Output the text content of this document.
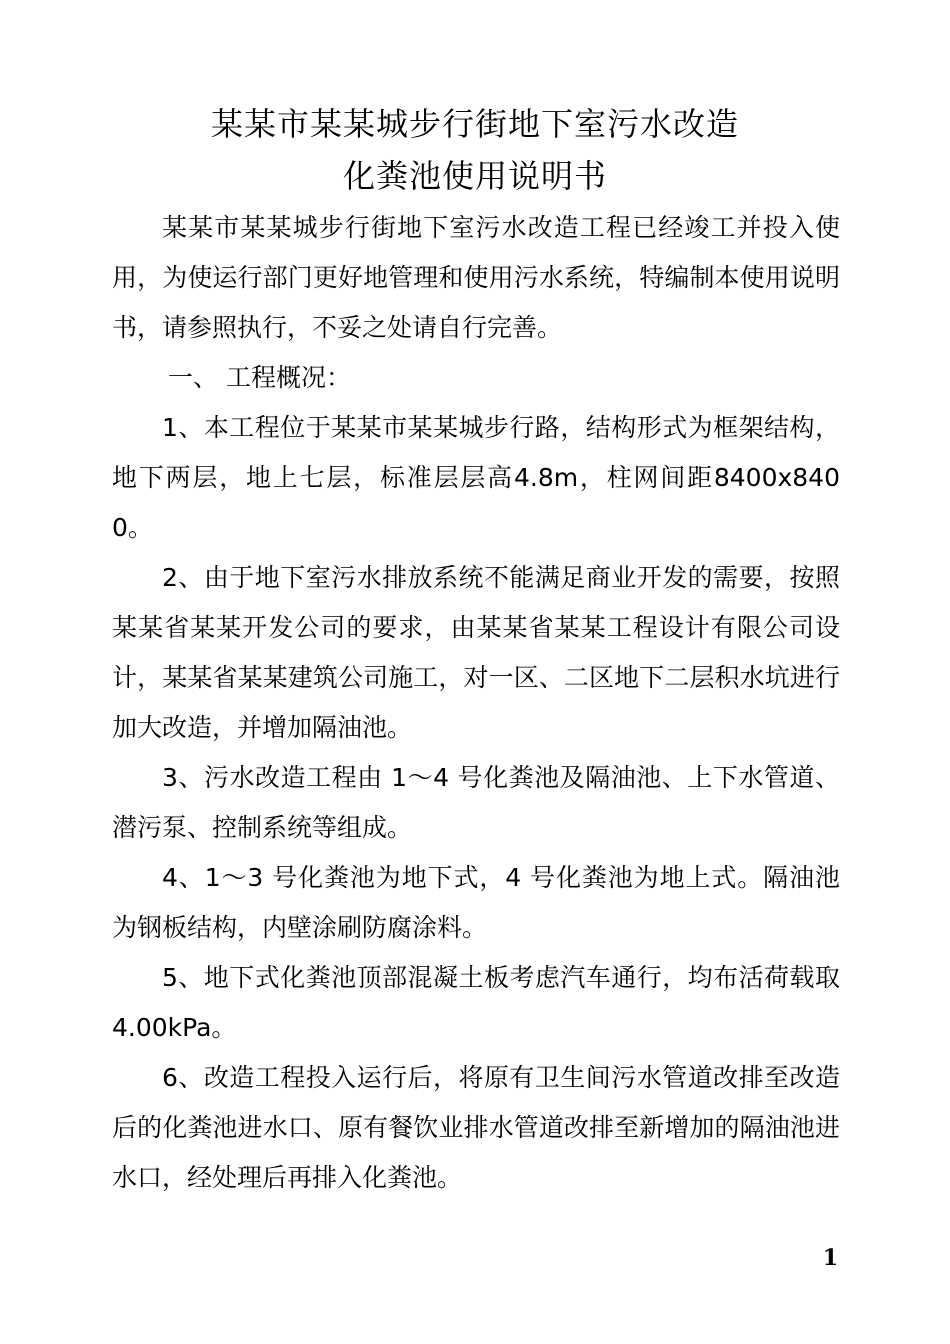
某某市某某城步行街地下室污水改造
化粪池使用说明书

某某市某某城步行街地下室污水改造工程已经竣工并投入使用，为使运行部门更好地管理和使用污水系统，特编制本使用说明书，请参照执行，不妥之处请自行完善。

一、 工程概况：

1、本工程位于某某市某某城步行路，结构形式为框架结构，地下两层，地上七层，标准层层高4.8m，柱网间距8400x8400。

2、由于地下室污水排放系统不能满足商业开发的需要，按照某某省某某开发公司的要求，由某某省某某工程设计有限公司设计，某某省某某建筑公司施工，对一区、二区地下二层积水坑进行加大改造，并增加隔油池。

3、污水改造工程由 1～4 号化粪池及隔油池、上下水管道、潜污泵、控制系统等组成。

4、1～3 号化粪池为地下式，4 号化粪池为地上式。隔油池为钢板结构，内壁涂刷防腐涂料。

5、地下式化粪池顶部混凝土板考虑汽车通行，均布活荷载取 4.00kPa。

6、改造工程投入运行后，将原有卫生间污水管道改排至改造后的化粪池进水口、原有餐饮业排水管道改排至新增加的隔油池进水口，经处理后再排入化粪池。

1
